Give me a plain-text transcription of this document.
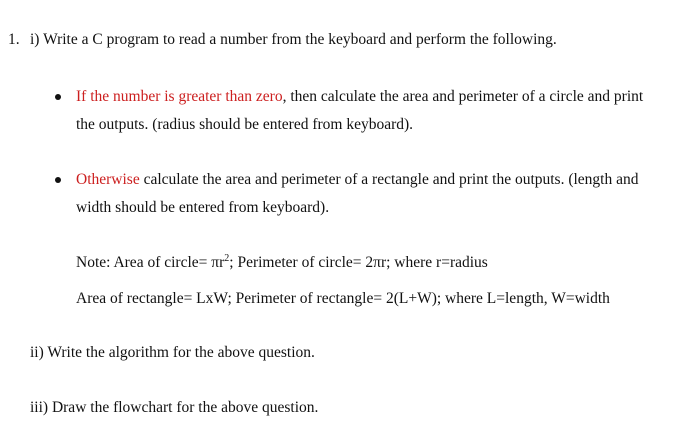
1. i) Write a C program to read a number from the keyboard and perform the following.
If the number is greater than zero, then calculate the area and perimeter of a circle and print
the outputs. (radius should be entered from keyboard).
Otherwise calculate the area and perimeter of a rectangle and print the outputs. (length and
width should be entered from keyboard).
Note: Area of circle= $\pi r^2$; Perimeter of circle= 2πr; where r=radius
Area of rectangle= LxW; Perimeter of rectangle= 2(L+W); where L=length, W=width
ii) Write the algorithm for the above question.
iii) Draw the flowchart for the above question.
